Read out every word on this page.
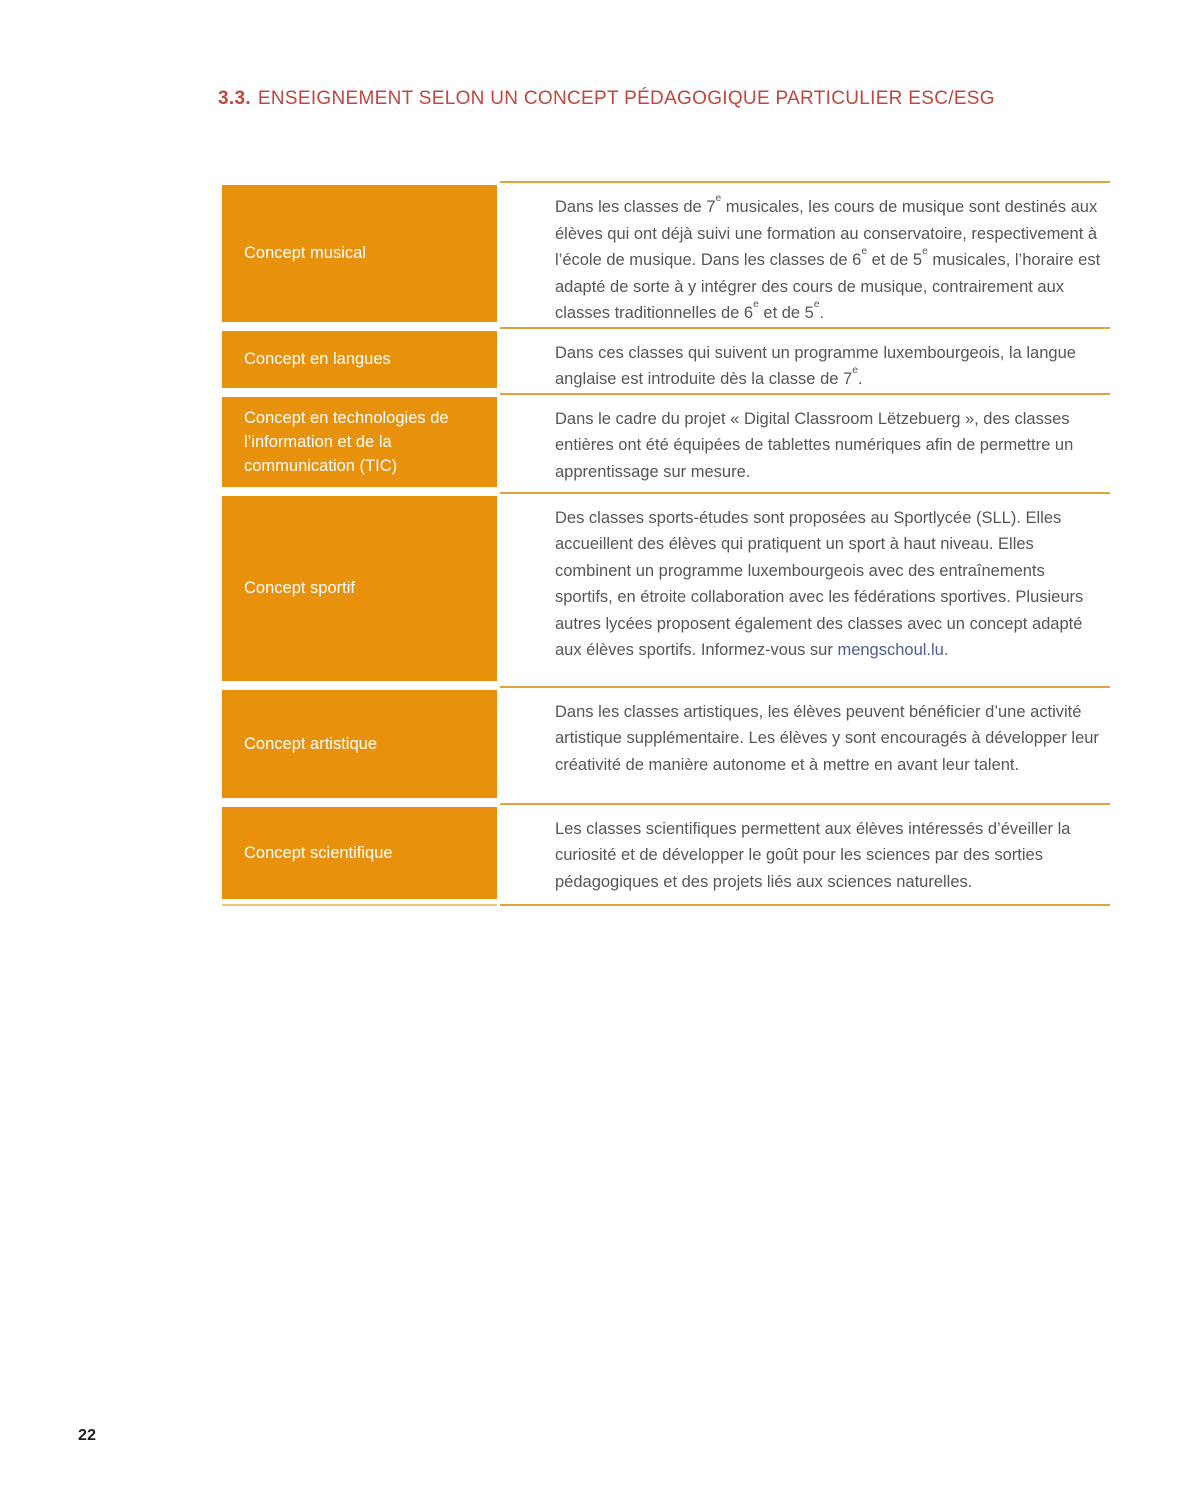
3.3. ENSEIGNEMENT SELON UN CONCEPT PÉDAGOGIQUE PARTICULIER ESC/ESG
Concept musical
Dans les classes de 7e musicales, les cours de musique sont destinés aux élèves qui ont déjà suivi une formation au conservatoire, respectivement à l’école de musique. Dans les classes de 6e et de 5e musicales, l’horaire est adapté de sorte à y intégrer des cours de musique, contrairement aux classes traditionnelles de 6e et de 5e.
Concept en langues	Dans ces classes qui suivent un programme luxembourgeois, la langue anglaise est introduite dès la classe de 7e.
Concept en technologies de l’information et de la communication (TIC)
Dans le cadre du projet « Digital Classroom Lëtzebuerg », des classes entières ont été équipées de tablettes numériques afin de permettre un apprentissage sur mesure.
Concept sportif
Des classes sports-études sont proposées au Sportlycée (SLL). Elles accueillent des élèves qui pratiquent un sport à haut niveau. Elles combinent un programme luxembourgeois avec des entraînements sportifs, en étroite collaboration avec les fédérations sportives. Plusieurs autres lycées proposent également des classes avec un concept adapté aux élèves sportifs. Informez-vous sur mengschoul.lu.
Concept artistique
Dans les classes artistiques, les élèves peuvent bénéficier d’une activité artistique supplémentaire. Les élèves y sont encouragés à développer leur créativité de manière autonome et à mettre en avant leur talent.
Concept scientifique
Les classes scientifiques permettent aux élèves intéressés d’éveiller la curiosité et de développer le goût pour les sciences par des sorties pédagogiques et des projets liés aux sciences naturelles.
22
